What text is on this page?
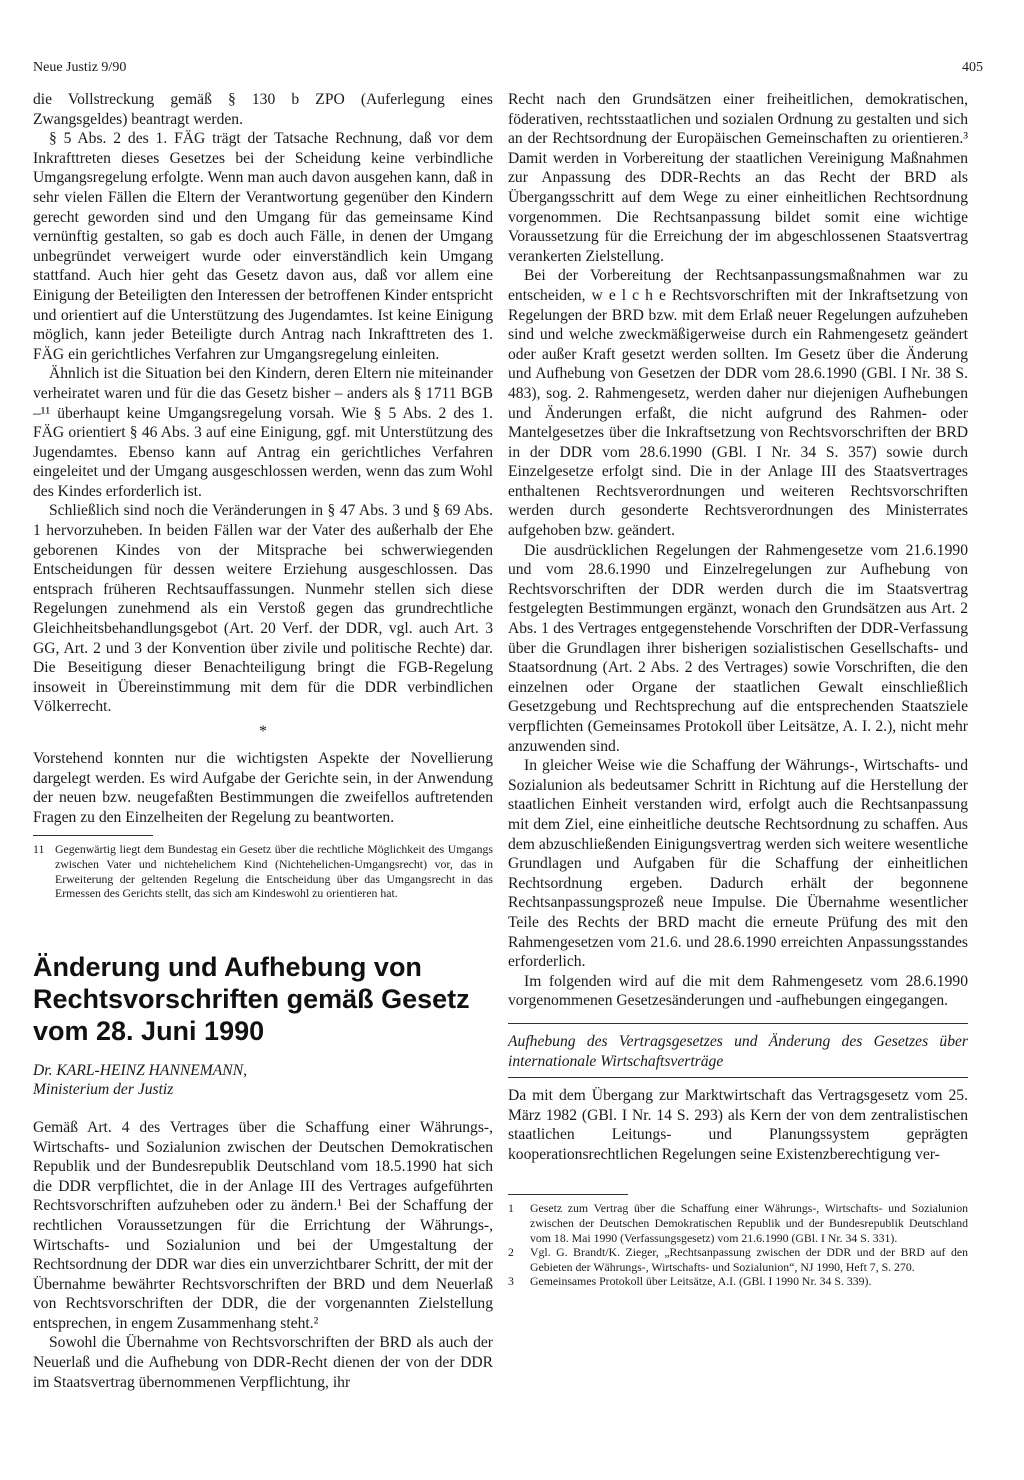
Neue Justiz 9/90	405

die Vollstreckung gemäß § 130 b ZPO (Auferlegung eines Zwangsgeldes) beantragt werden.

§ 5 Abs. 2 des 1. FÄG trägt der Tatsache Rechnung, daß vor dem Inkrafttreten dieses Gesetzes bei der Scheidung keine verbindliche Umgangsregelung erfolgte. Wenn man auch davon ausgehen kann, daß in sehr vielen Fällen die Eltern der Verantwortung gegenüber den Kindern gerecht geworden sind und den Umgang für das gemeinsame Kind vernünftig gestalten, so gab es doch auch Fälle, in denen der Umgang unbegründet verweigert wurde oder einverständlich kein Umgang stattfand. Auch hier geht das Gesetz davon aus, daß vor allem eine Einigung der Beteiligten den Interessen der betroffenen Kinder entspricht und orientiert auf die Unterstützung des Jugendamtes. Ist keine Einigung möglich, kann jeder Beteiligte durch Antrag nach Inkrafttreten des 1. FÄG ein gerichtliches Verfahren zur Umgangsregelung einleiten.

Ähnlich ist die Situation bei den Kindern, deren Eltern nie miteinander verheiratet waren und für die das Gesetz bisher – anders als § 1711 BGB –¹¹ überhaupt keine Umgangsregelung vorsah. Wie § 5 Abs. 2 des 1. FÄG orientiert § 46 Abs. 3 auf eine Einigung, ggf. mit Unterstützung des Jugendamtes. Ebenso kann auf Antrag ein gerichtliches Verfahren eingeleitet und der Umgang ausgeschlossen werden, wenn das zum Wohl des Kindes erforderlich ist.

Schließlich sind noch die Veränderungen in § 47 Abs. 3 und § 69 Abs. 1 hervorzuheben. In beiden Fällen war der Vater des außerhalb der Ehe geborenen Kindes von der Mitsprache bei schwerwiegenden Entscheidungen für dessen weitere Erziehung ausgeschlossen. Das entsprach früheren Rechtsauffassungen. Nunmehr stellen sich diese Regelungen zunehmend als ein Verstoß gegen das grundrechtliche Gleichheitsbehandlungsgebot (Art. 20 Verf. der DDR, vgl. auch Art. 3 GG, Art. 2 und 3 der Konvention über zivile und politische Rechte) dar. Die Beseitigung dieser Benachteiligung bringt die FGB-Regelung insoweit in Übereinstimmung mit dem für die DDR verbindlichen Völkerrecht.

*

Vorstehend konnten nur die wichtigsten Aspekte der Novellierung dargelegt werden. Es wird Aufgabe der Gerichte sein, in der Anwendung der neuen bzw. neugefaßten Bestimmungen die zweifellos auftretenden Fragen zu den Einzelheiten der Regelung zu beantworten.

11 Gegenwärtig liegt dem Bundestag ein Gesetz über die rechtliche Möglichkeit des Umgangs zwischen Vater und nichtehelichem Kind (Nichtehelichen-Umgangsrecht) vor, das in Erweiterung der geltenden Regelung die Entscheidung über das Umgangsrecht in das Ermessen des Gerichts stellt, das sich am Kindeswohl zu orientieren hat.
Änderung und Aufhebung von Rechtsvorschriften gemäß Gesetz vom 28. Juni 1990

Dr. KARL-HEINZ HANNEMANN,

Ministerium der Justiz

Gemäß Art. 4 des Vertrages über die Schaffung einer Währungs-, Wirtschafts- und Sozialunion zwischen der Deutschen Demokratischen Republik und der Bundesrepublik Deutschland vom 18.5.1990 hat sich die DDR verpflichtet, die in der Anlage III des Vertrages aufgeführten Rechtsvorschriften aufzuheben oder zu ändern.¹ Bei der Schaffung der rechtlichen Voraussetzungen für die Errichtung der Währungs-, Wirtschafts- und Sozialunion und bei der Umgestaltung der Rechtsordnung der DDR war dies ein unverzichtbarer Schritt, der mit der Übernahme bewährter Rechtsvorschriften der BRD und dem Neuerlaß von Rechtsvorschriften der DDR, die der vorgenannten Zielstellung entsprechen, in engem Zusammenhang steht.²

Sowohl die Übernahme von Rechtsvorschriften der BRD als auch der Neuerlaß und die Aufhebung von DDR-Recht dienen der von der DDR im Staatsvertrag übernommenen Verpflichtung, ihr

Recht nach den Grundsätzen einer freiheitlichen, demokratischen, föderativen, rechtsstaatlichen und sozialen Ordnung zu gestalten und sich an der Rechtsordnung der Europäischen Gemeinschaften zu orientieren.³ Damit werden in Vorbereitung der staatlichen Vereinigung Maßnahmen zur Anpassung des DDR-Rechts an das Recht der BRD als Übergangsschritt auf dem Wege zu einer einheitlichen Rechtsordnung vorgenommen. Die Rechtsanpassung bildet somit eine wichtige Voraussetzung für die Erreichung der im abgeschlossenen Staatsvertrag verankerten Zielstellung.

Bei der Vorbereitung der Rechtsanpassungsmaßnahmen war zu entscheiden, w e l c h e Rechtsvorschriften mit der Inkraftsetzung von Regelungen der BRD bzw. mit dem Erlaß neuer Regelungen aufzuheben sind und welche zweckmäßigerweise durch ein Rahmengesetz geändert oder außer Kraft gesetzt werden sollten. Im Gesetz über die Änderung und Aufhebung von Gesetzen der DDR vom 28.6.1990 (GBl. I Nr. 38 S. 483), sog. 2. Rahmengesetz, werden daher nur diejenigen Aufhebungen und Änderungen erfaßt, die nicht aufgrund des Rahmen- oder Mantelgesetzes über die Inkraftsetzung von Rechtsvorschriften der BRD in der DDR vom 28.6.1990 (GBl. I Nr. 34 S. 357) sowie durch Einzelgesetze erfolgt sind. Die in der Anlage III des Staatsvertrages enthaltenen Rechtsverordnungen und weiteren Rechtsvorschriften werden durch gesonderte Rechtsverordnungen des Ministerrates aufgehoben bzw. geändert.

Die ausdrücklichen Regelungen der Rahmengesetze vom 21.6.1990 und vom 28.6.1990 und Einzelregelungen zur Aufhebung von Rechtsvorschriften der DDR werden durch die im Staatsvertrag festgelegten Bestimmungen ergänzt, wonach den Grundsätzen aus Art. 2 Abs. 1 des Vertrages entgegenstehende Vorschriften der DDR-Verfassung über die Grundlagen ihrer bisherigen sozialistischen Gesellschafts- und Staatsordnung (Art. 2 Abs. 2 des Vertrages) sowie Vorschriften, die den einzelnen oder Organe der staatlichen Gewalt einschließlich Gesetzgebung und Rechtsprechung auf die entsprechenden Staatsziele verpflichten (Gemeinsames Protokoll über Leitsätze, A. I. 2.), nicht mehr anzuwenden sind.

In gleicher Weise wie die Schaffung der Währungs-, Wirtschafts- und Sozialunion als bedeutsamer Schritt in Richtung auf die Herstellung der staatlichen Einheit verstanden wird, erfolgt auch die Rechtsanpassung mit dem Ziel, eine einheitliche deutsche Rechtsordnung zu schaffen. Aus dem abzuschließenden Einigungsvertrag werden sich weitere wesentliche Grundlagen und Aufgaben für die Schaffung der einheitlichen Rechtsordnung ergeben. Dadurch erhält der begonnene Rechtsanpassungsprozeß neue Impulse. Die Übernahme wesentlicher Teile des Rechts der BRD macht die erneute Prüfung des mit den Rahmengesetzen vom 21.6. und 28.6.1990 erreichten Anpassungsstandes erforderlich.

Im folgenden wird auf die mit dem Rahmengesetz vom 28.6.1990 vorgenommenen Gesetzesänderungen und -aufhebungen eingegangen.

Aufhebung des Vertragsgesetzes und Änderung des Gesetzes über internationale Wirtschaftsverträge

Da mit dem Übergang zur Marktwirtschaft das Vertragsgesetz vom 25. März 1982 (GBl. I Nr. 14 S. 293) als Kern der von dem zentralistischen staatlichen Leitungs- und Planungssystem geprägten kooperationsrechtlichen Regelungen seine Existenzberechtigung ver-

1	Gesetz zum Vertrag über die Schaffung einer Währungs-, Wirtschafts- und Sozialunion zwischen der Deutschen Demokratischen Republik und der Bundesrepublik Deutschland vom 18. Mai 1990 (Verfassungsgesetz) vom 21.6.1990 (GBl. I Nr. 34 S. 331).
2	Vgl. G. Brandt/K. Zieger, „Rechtsanpassung zwischen der DDR und der BRD auf den Gebieten der Währungs-, Wirtschafts- und Sozialunion“, NJ 1990, Heft 7, S. 270.
3	Gemeinsames Protokoll über Leitsätze, A.I. (GBl. I 1990 Nr. 34 S. 339).
